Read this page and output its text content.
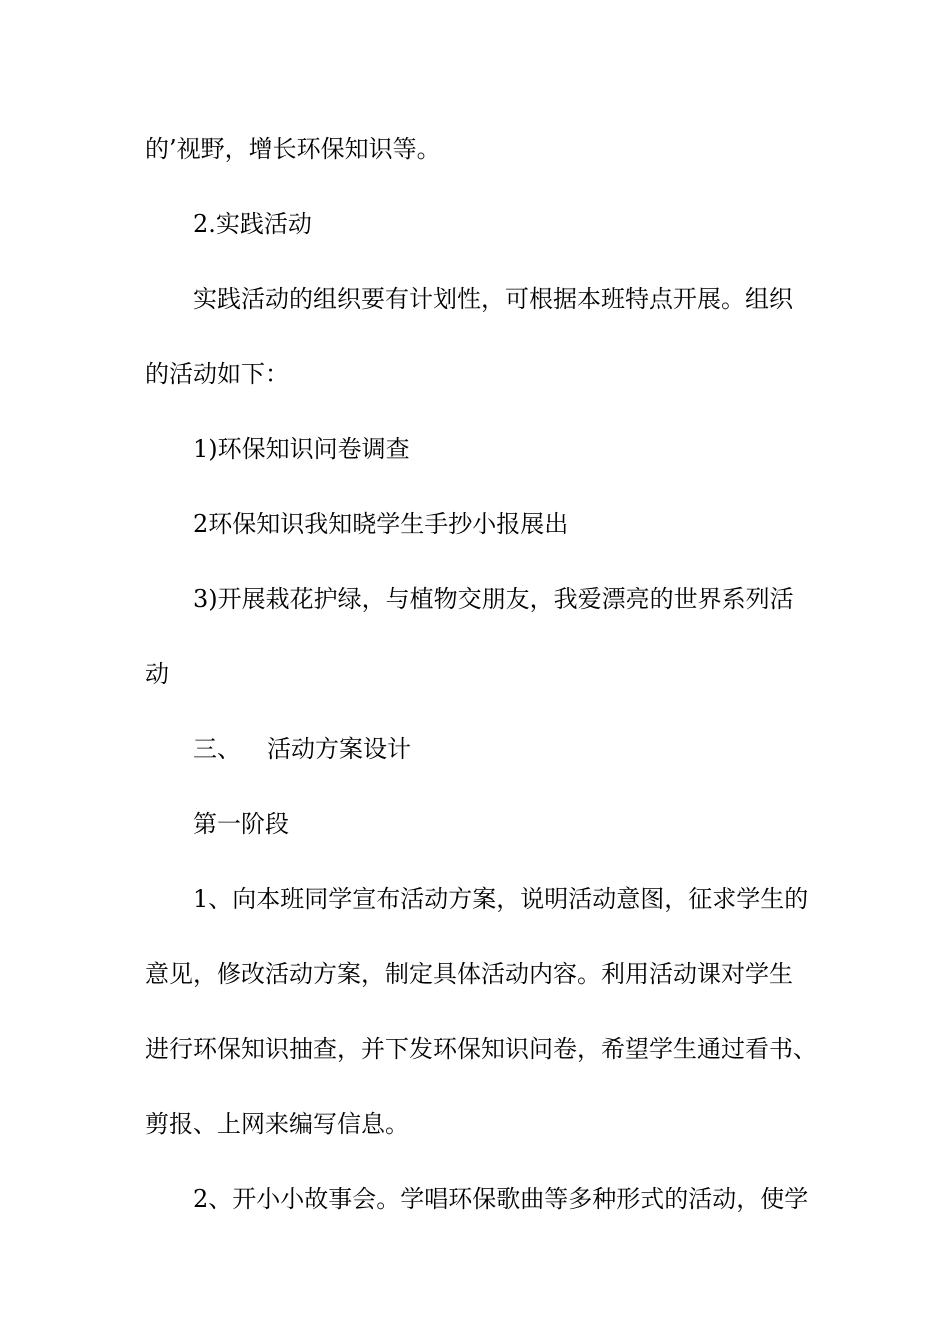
的’视野，增长环保知识等。
2.实践活动
实践活动的组织要有计划性，可根据本班特点开展。组织
的活动如下：
1)环保知识问卷调查
2环保知识我知晓学生手抄小报展出
3)开展栽花护绿，与植物交朋友，我爱漂亮的世界系列活
动
三、 活动方案设计
第一阶段
1、向本班同学宣布活动方案，说明活动意图，征求学生的
意见，修改活动方案，制定具体活动内容。利用活动课对学生
进行环保知识抽查，并下发环保知识问卷，希望学生通过看书、
剪报、上网来编写信息。
2、开小小故事会。学唱环保歌曲等多种形式的活动，使学
